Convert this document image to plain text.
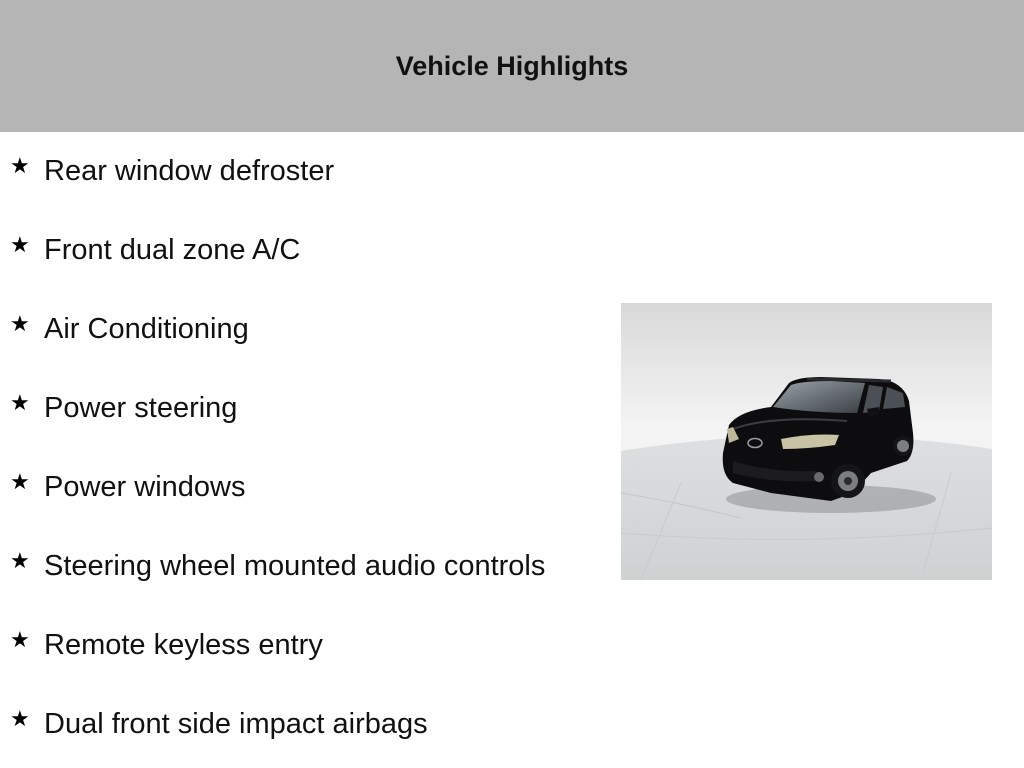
Vehicle Highlights
★ Rear window defroster
★ Front dual zone A/C
★ Air Conditioning
★ Power steering
★ Power windows
★ Steering wheel mounted audio controls
★ Remote keyless entry
★ Dual front side impact airbags
